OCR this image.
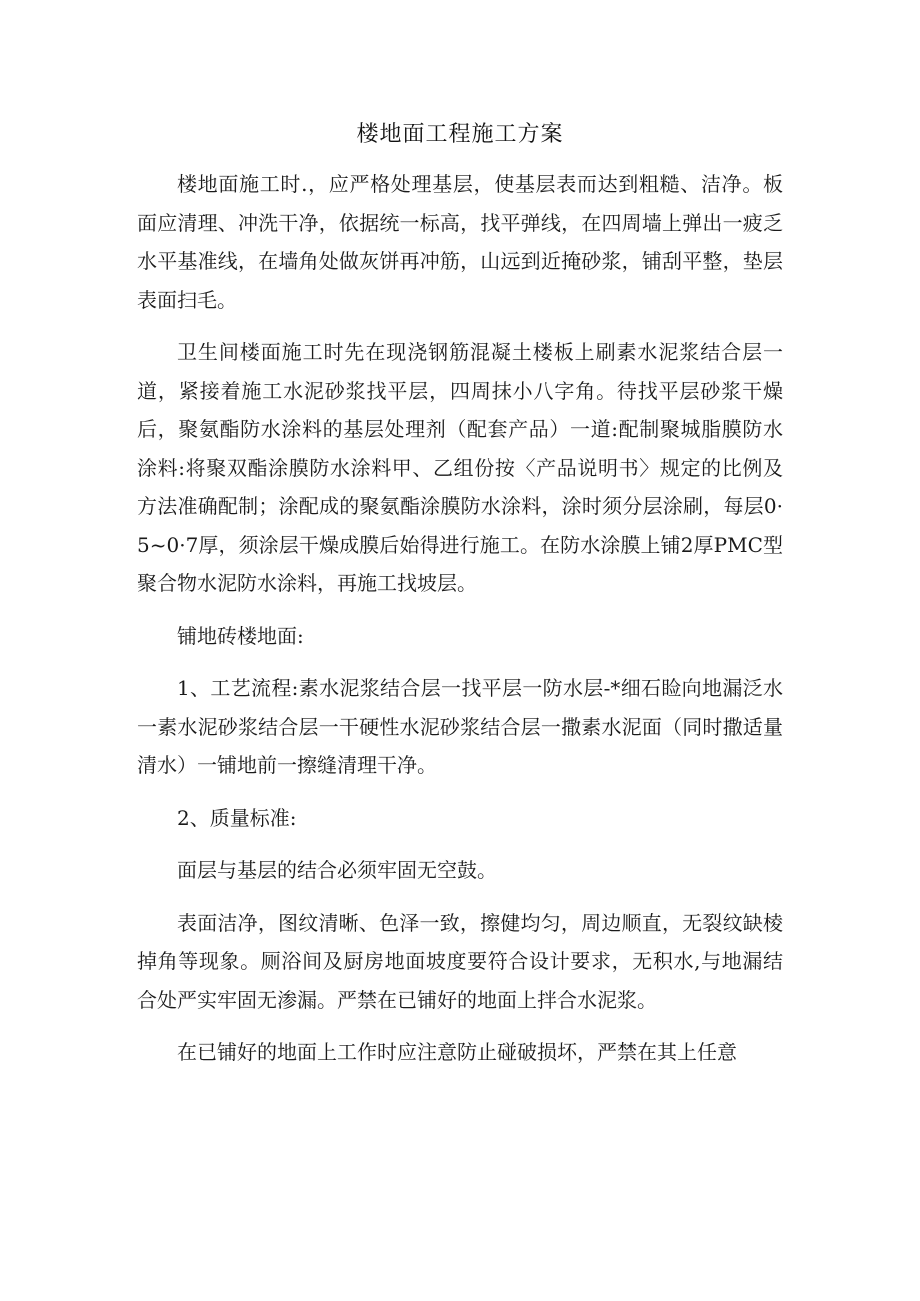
楼地面工程施工方案

楼地面施工时.，应严格处理基层，使基层表而达到粗糙、洁净。板面应清理、冲洗干净，依据统一标高，找平弹线，在四周墙上弹出一疲乏水平基准线，在墙角处做灰饼再冲筋，山远到近掩砂浆，铺刮平整，垫层表面扫毛。

卫生间楼面施工时先在现浇钢筋混凝土楼板上刷素水泥浆结合层一道，紧接着施工水泥砂浆找平层，四周抹小八字角。待找平层砂浆干燥后，聚氨酯防水涂料的基层处理剂（配套产品）一道:配制聚城脂膜防水涂料:将聚双酯涂膜防水涂料甲、乙组份按〈产品说明书〉规定的比例及方法准确配制；涂配成的聚氨酯涂膜防水涂料，涂时须分层涂刷，每层0·5~0·7厚，须涂层干燥成膜后始得进行施工。在防水涂膜上铺2厚PMC型聚合物水泥防水涂料，再施工找坡层。

铺地砖楼地面:

1、工艺流程:素水泥浆结合层一找平层一防水层-*细石睑向地漏泛水一素水泥砂浆结合层一干硬性水泥砂浆结合层一撒素水泥面（同时撒适量清水）一铺地前一擦缝清理干净。

2、质量标准:

面层与基层的结合必须牢固无空鼓。

表面洁净，图纹清晰、色泽一致，擦健均匀，周边顺直，无裂纹缺棱掉角等现象。厕浴间及厨房地面坡度要符合设计要求，无积水,与地漏结合处严实牢固无渗漏。严禁在已铺好的地面上拌合水泥浆。

在已铺好的地面上工作时应注意防止碰破损坏，严禁在其上任意
